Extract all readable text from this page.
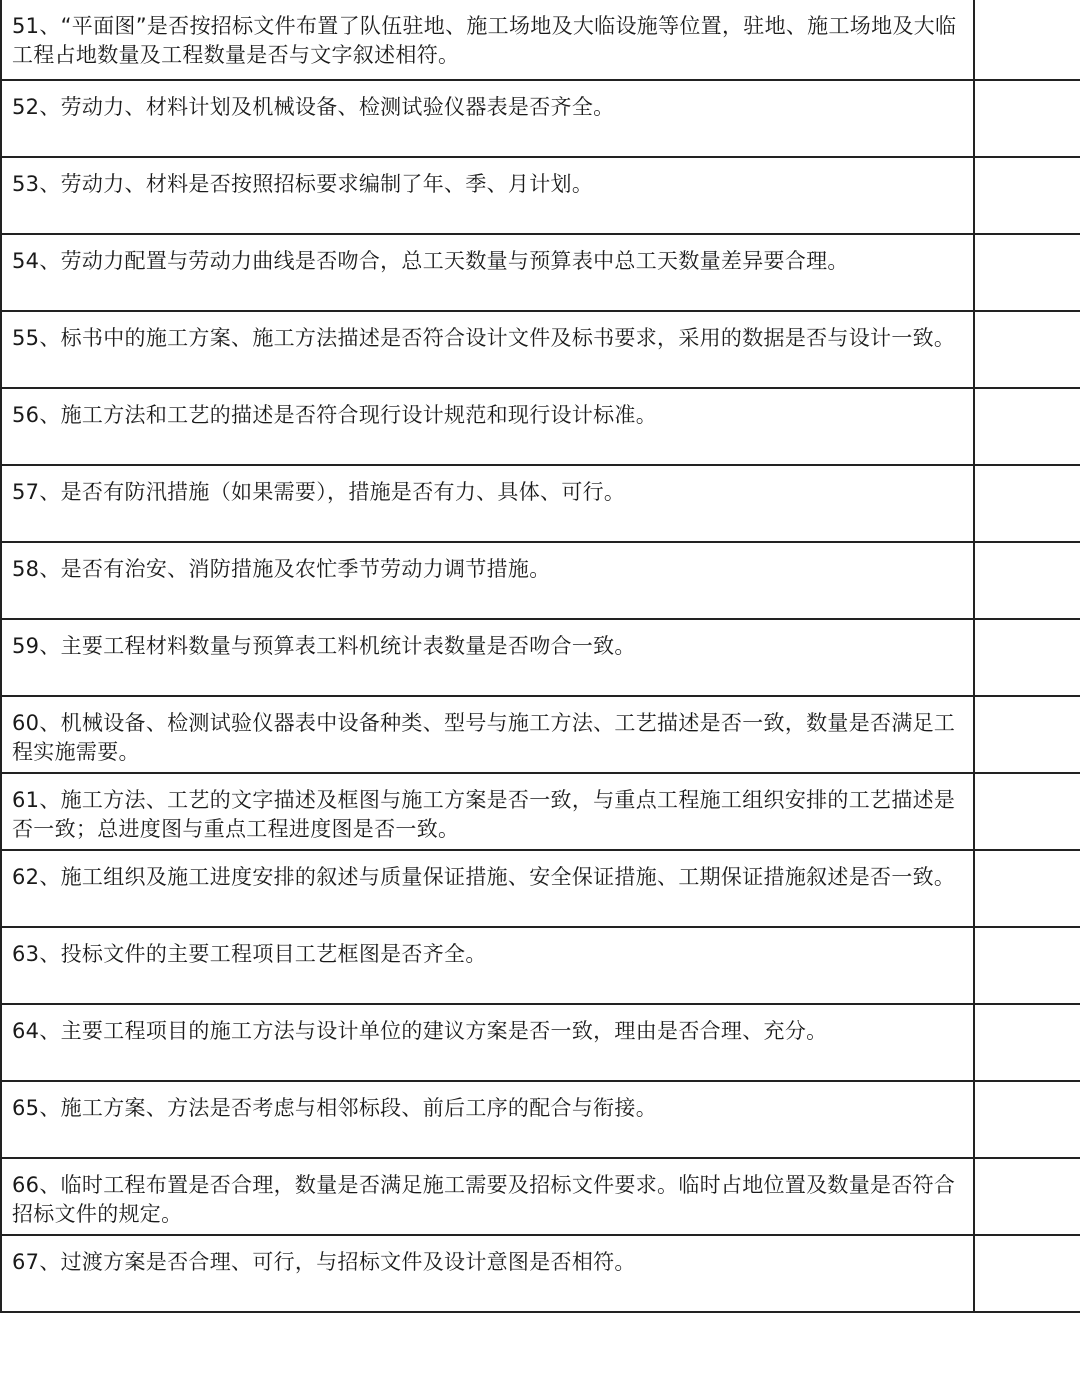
51、“平面图”是否按招标文件布置了队伍驻地、施工场地及大临设施等位置，驻地、施工场地及大临工程占地数量及工程数量是否与文字叙述相符。	
52、劳动力、材料计划及机械设备、检测试验仪器表是否齐全。	
53、劳动力、材料是否按照招标要求编制了年、季、月计划。	
54、劳动力配置与劳动力曲线是否吻合，总工天数量与预算表中总工天数量差异要合理。	
55、标书中的施工方案、施工方法描述是否符合设计文件及标书要求，采用的数据是否与设计一致。	
56、施工方法和工艺的描述是否符合现行设计规范和现行设计标准。	
57、是否有防汛措施（如果需要），措施是否有力、具体、可行。	
58、是否有治安、消防措施及农忙季节劳动力调节措施。	
59、主要工程材料数量与预算表工料机统计表数量是否吻合一致。	
60、机械设备、检测试验仪器表中设备种类、型号与施工方法、工艺描述是否一致，数量是否满足工程实施需要。	
61、施工方法、工艺的文字描述及框图与施工方案是否一致，与重点工程施工组织安排的工艺描述是否一致；总进度图与重点工程进度图是否一致。	
62、施工组织及施工进度安排的叙述与质量保证措施、安全保证措施、工期保证措施叙述是否一致。	
63、投标文件的主要工程项目工艺框图是否齐全。	
64、主要工程项目的施工方法与设计单位的建议方案是否一致，理由是否合理、充分。	
65、施工方案、方法是否考虑与相邻标段、前后工序的配合与衔接。	
66、临时工程布置是否合理，数量是否满足施工需要及招标文件要求。临时占地位置及数量是否符合招标文件的规定。	
67、过渡方案是否合理、可行，与招标文件及设计意图是否相符。	
